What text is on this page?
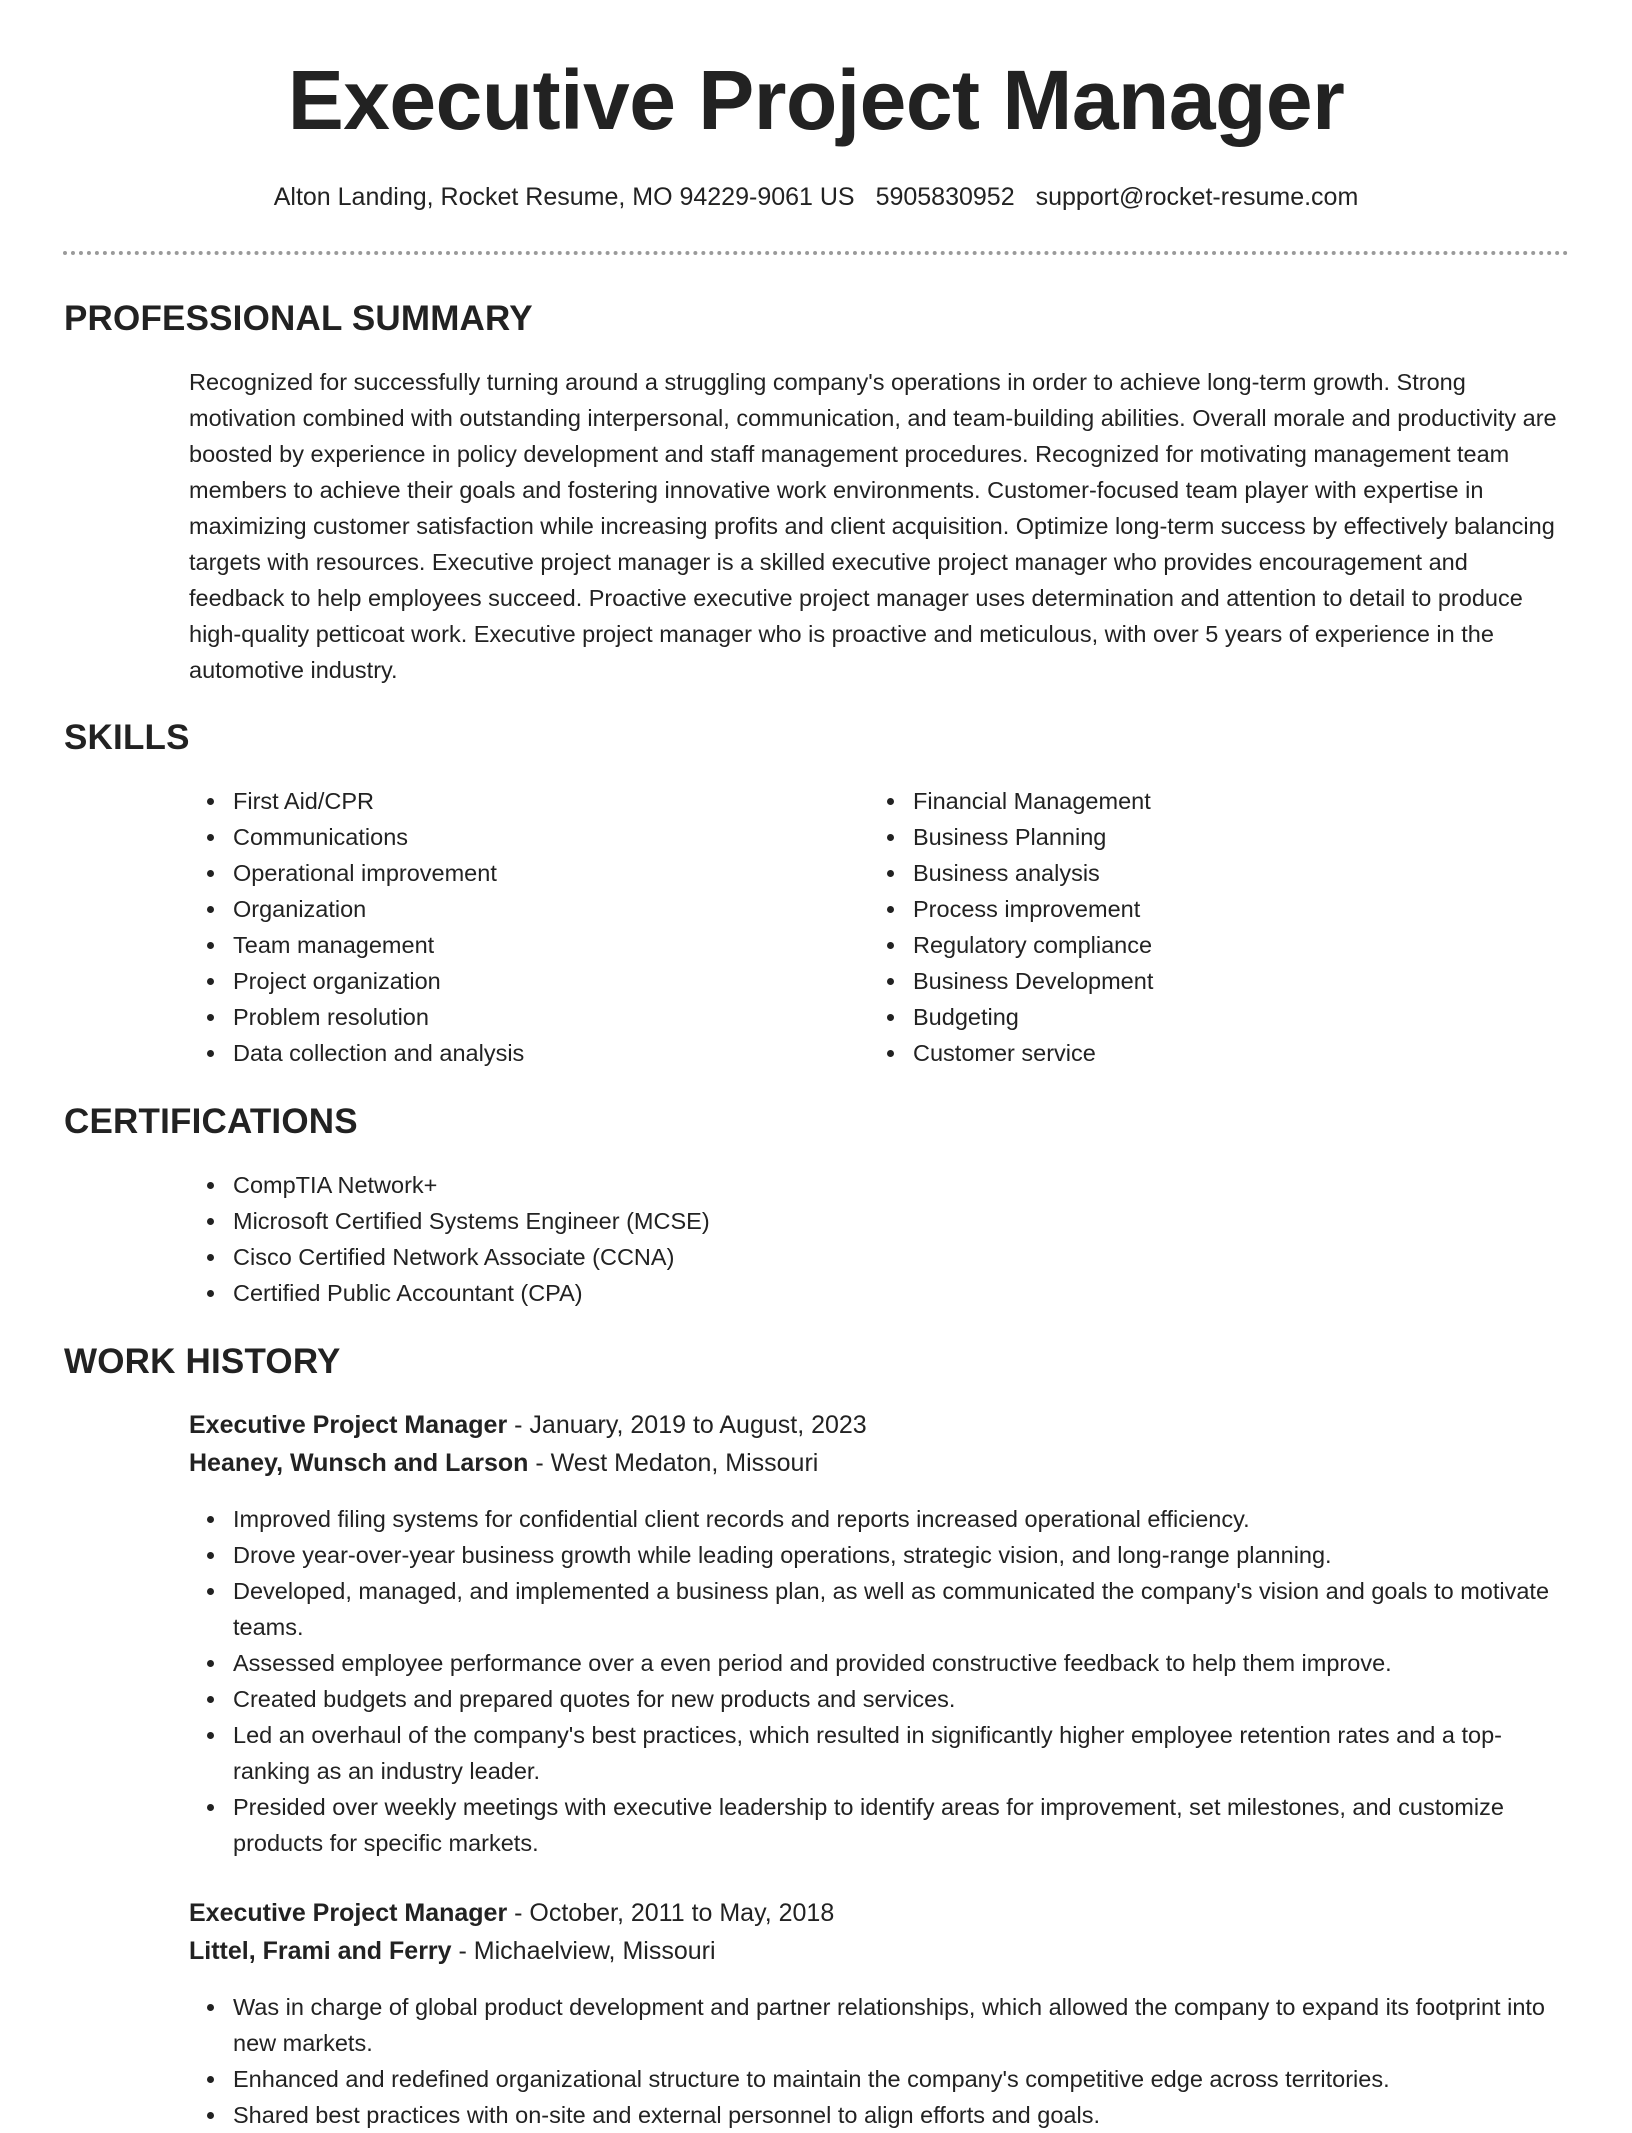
Executive Project Manager
Alton Landing, Rocket Resume, MO 94229-9061 US 5905830952 support@rocket-resume.com
PROFESSIONAL SUMMARY

Recognized for successfully turning around a struggling company's operations in order to achieve long-term growth. Strong motivation combined with outstanding interpersonal, communication, and team-building abilities. Overall morale and productivity are boosted by experience in policy development and staff management procedures. Recognized for motivating management team members to achieve their goals and fostering innovative work environments. Customer-focused team player with expertise in maximizing customer satisfaction while increasing profits and client acquisition. Optimize long-term success by effectively balancing targets with resources. Executive project manager is a skilled executive project manager who provides encouragement and feedback to help employees succeed. Proactive executive project manager uses determination and attention to detail to produce high-quality petticoat work. Executive project manager who is proactive and meticulous, with over 5 years of experience in the automotive industry.

SKILLS
First Aid/CPR
Communications
Operational improvement
Organization
Team management
Project organization
Problem resolution
Data collection and analysis
Financial Management
Business Planning
Business analysis
Process improvement
Regulatory compliance
Business Development
Budgeting
Customer service
CERTIFICATIONS
CompTIA Network+
Microsoft Certified Systems Engineer (MCSE)
Cisco Certified Network Associate (CCNA)
Certified Public Accountant (CPA)
WORK HISTORY
Executive Project Manager - January, 2019 to August, 2023
Heaney, Wunsch and Larson - West Medaton, Missouri
Improved filing systems for confidential client records and reports increased operational efficiency.
Drove year-over-year business growth while leading operations, strategic vision, and long-range planning.
Developed, managed, and implemented a business plan, as well as communicated the company's vision and goals to motivate teams.
Assessed employee performance over a even period and provided constructive feedback to help them improve.
Created budgets and prepared quotes for new products and services.
Led an overhaul of the company's best practices, which resulted in significantly higher employee retention rates and a top-ranking as an industry leader.
Presided over weekly meetings with executive leadership to identify areas for improvement, set milestones, and customize products for specific markets.
Executive Project Manager - October, 2011 to May, 2018
Littel, Frami and Ferry - Michaelview, Missouri
Was in charge of global product development and partner relationships, which allowed the company to expand its footprint into new markets.
Enhanced and redefined organizational structure to maintain the company's competitive edge across territories.
Shared best practices with on-site and external personnel to align efforts and goals.
